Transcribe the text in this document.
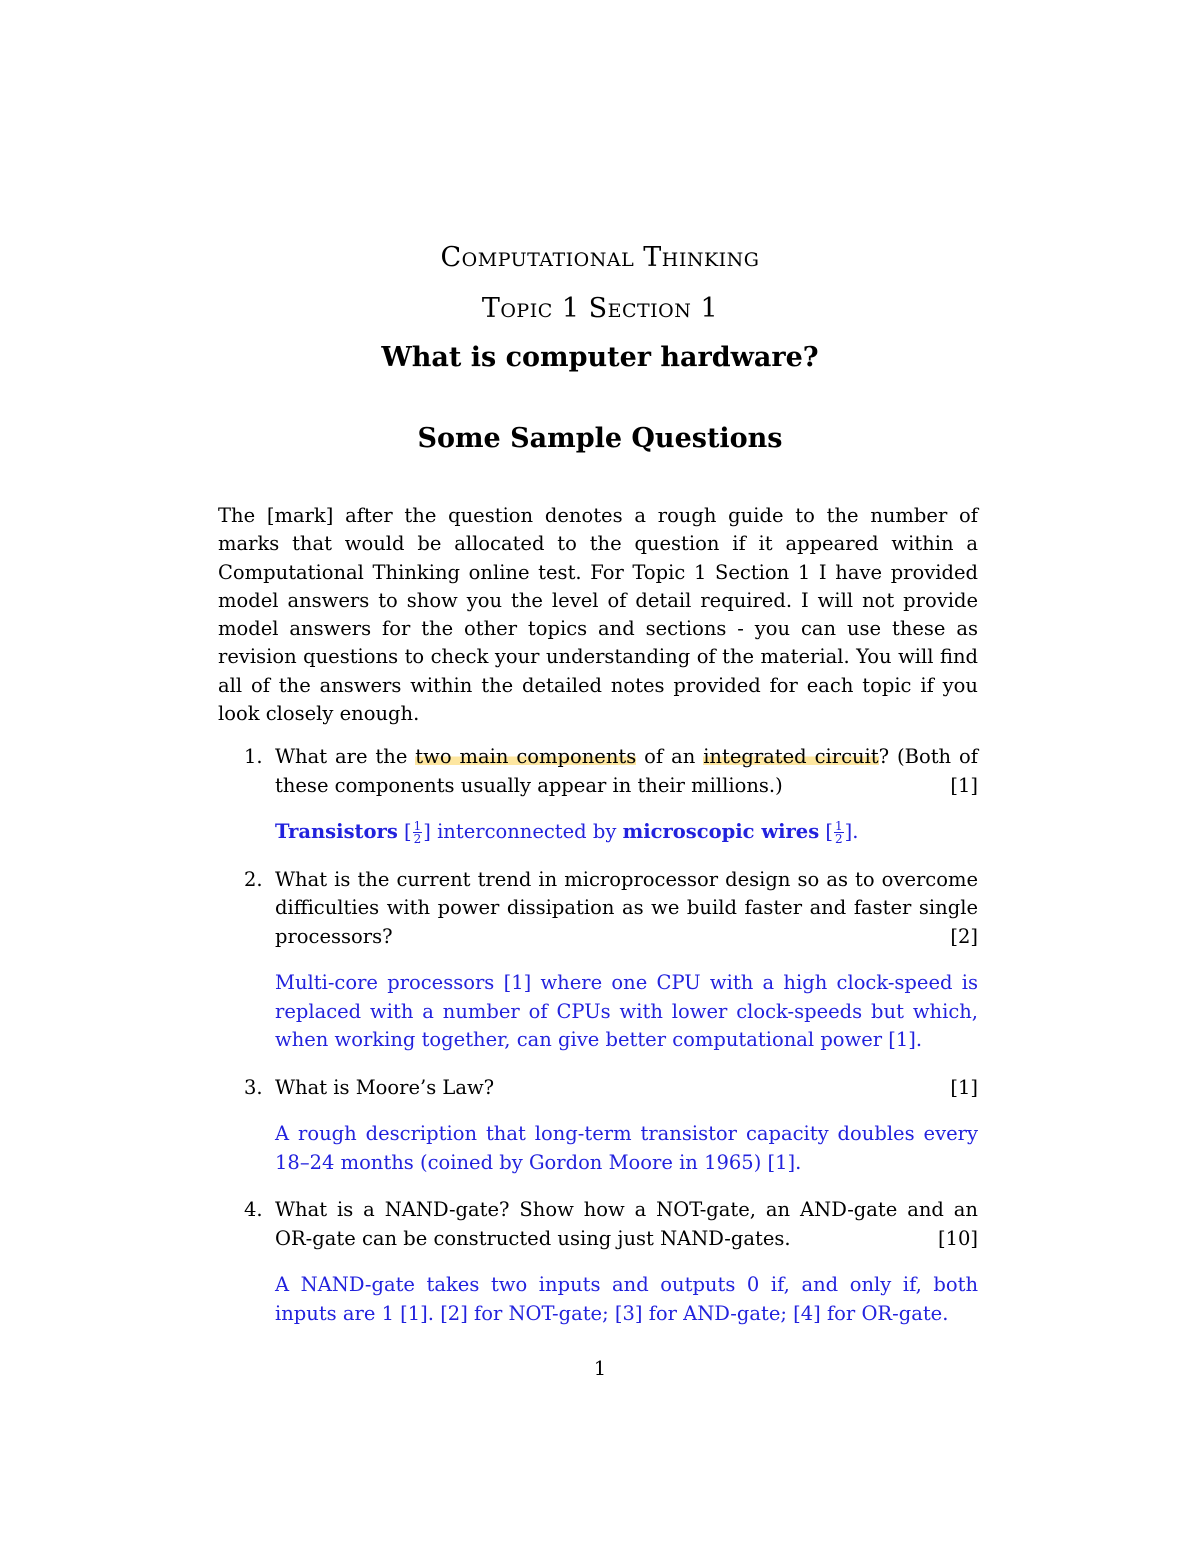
Computational Thinking
Topic 1 Section 1
What is computer hardware?
Some Sample Questions
The [mark] after the question denotes a rough guide to the number of marks that would be allocated to the question if it appeared within a Computational Thinking online test. For Topic 1 Section 1 I have provided model answers to show you the level of detail required. I will not provide model answers for the other topics and sections - you can use these as revision questions to check your understanding of the material. You will find all of the answers within the detailed notes provided for each topic if you look closely enough.
1. What are the two main components of an integrated circuit? (Both of these components usually appear in their millions.)	[1]
Transistors [ $\frac{1}{2}$ ] interconnected by microscopic wires [ $\frac{1}{2}$ ].
2. What is the current trend in microprocessor design so as to overcome difficulties with power dissipation as we build faster and faster single processors?	[2]
Multi-core processors [1] where one CPU with a high clock-speed is replaced with a number of CPUs with lower clock-speeds but which, when working together, can give better computational power [1].
3. What is Moore’s Law?	[1]
A rough description that long-term transistor capacity doubles every 18–24 months (coined by Gordon Moore in 1965) [1].
4. What is a NAND-gate? Show how a NOT-gate, an AND-gate and an OR-gate can be constructed using just NAND-gates.	[10]
A NAND-gate takes two inputs and outputs 0 if, and only if, both inputs are 1 [1]. [2] for NOT-gate; [3] for AND-gate; [4] for OR-gate.
1
